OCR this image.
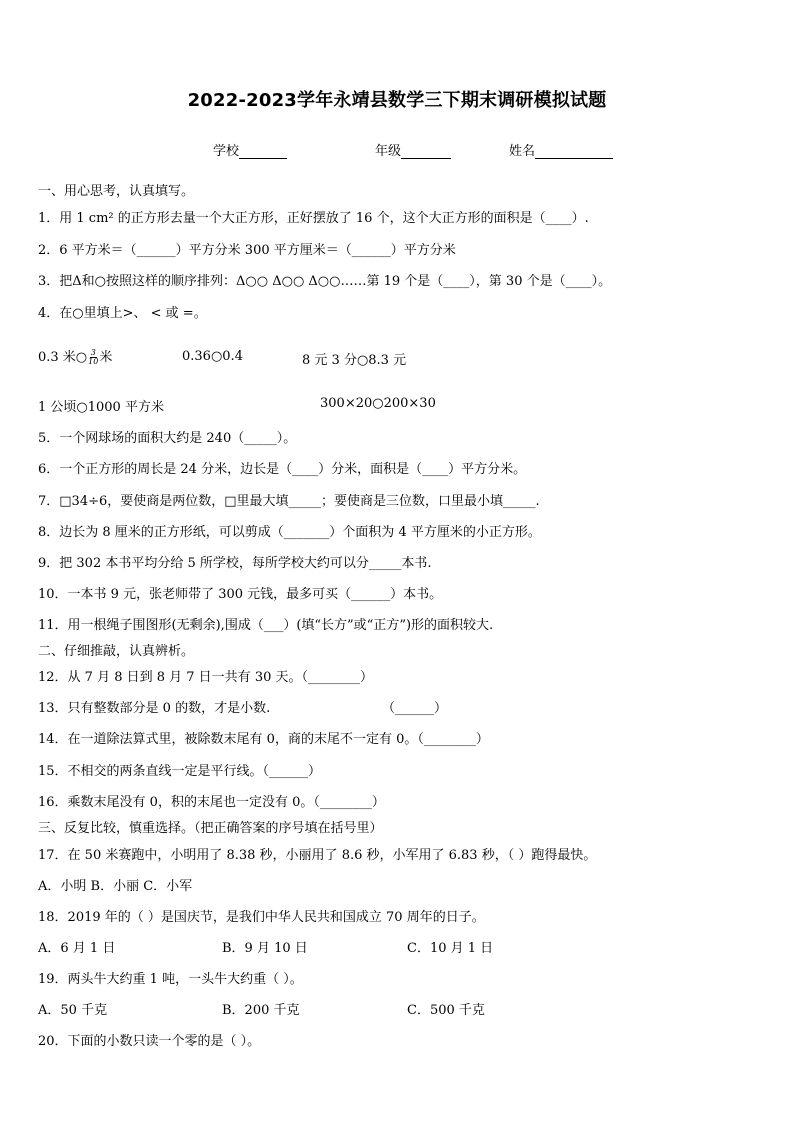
2022-2023学年永靖县数学三下期末调研模拟试题
学校	年级	姓名
一、用心思考，认真填写。
1．用 1 cm² 的正方形去量一个大正方形，正好摆放了 16 个，这个大正方形的面积是（____）.
2．6 平方米＝（______）平方分米 300 平方厘米＝（______）平方分米
3．把Δ和○按照这样的顺序排列：Δ○○ Δ○○ Δ○○……第 19 个是（____），第 30 个是（____）。
4．在○里填上>、 < 或 =。
0.3 米○ $\frac{3}{10}$ 米	0.36○0.4	8 元 3 分○8.3 元
1 公顷○1000 平方米	300×20○200×30
5．一个网球场的面积大约是 240（_____）。
6．一个正方形的周长是 24 分米，边长是（____）分米，面积是（____）平方分米。
7．□34÷6，要使商是两位数，□里最大填_____；要使商是三位数，口里最小填_____.
8．边长为 8 厘米的正方形纸，可以剪成（_______）个面积为 4 平方厘米的小正方形。
9．把 302 本书平均分给 5 所学校，每所学校大约可以分_____本书.
10．一本书 9 元，张老师带了 300 元钱，最多可买（______）本书。
11．用一根绳子围图形(无剩余),围成（___）(填“长方”或“正方”)形的面积较大.
二、仔细推敲，认真辨析。
12．从 7 月 8 日到 8 月 7 日一共有 30 天。（________）
13．只有整数部分是 0 的数，才是小数.	（______）
14．在一道除法算式里，被除数末尾有 0，商的末尾不一定有 0。（________）
15．不相交的两条直线一定是平行线。（______）
16．乘数末尾没有 0，积的末尾也一定没有 0。（________）
三、反复比较，慎重选择。（把正确答案的序号填在括号里）
17．在 50 米赛跑中，小明用了 8.38 秒，小丽用了 8.6 秒，小军用了 6.83 秒，（ ）跑得最快。
A．小明 B．小丽 C．小军
18．2019 年的（ ）是国庆节，是我们中华人民共和国成立 70 周年的日子。
A．6 月 1 日	B．9 月 10 日	C．10 月 1 日
19．两头牛大约重 1 吨，一头牛大约重（ ）。
A．50 千克	B．200 千克	C．500 千克
20．下面的小数只读一个零的是（ ）。
